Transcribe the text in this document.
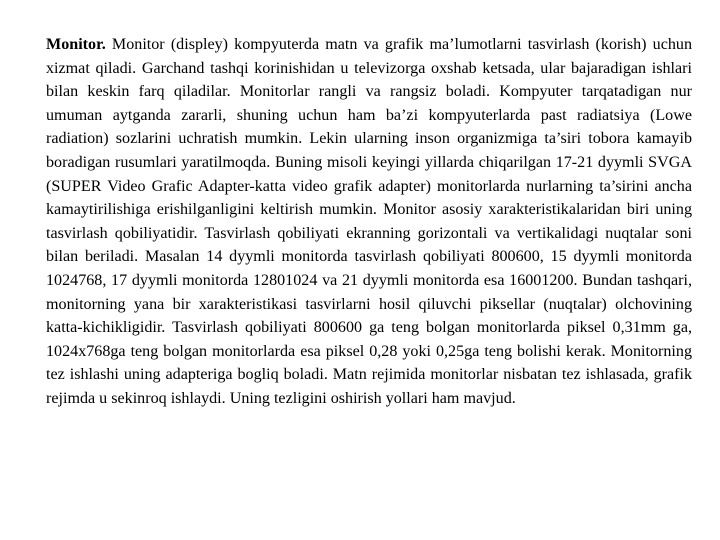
Monitor. Monitor (displey) kompyuterda matn va grafik ma’lumotlarni tasvirlash (korish) uchun xizmat qiladi. Garchand tashqi korinishidan u televizorga oxshab ketsada, ular bajaradigan ishlari bilan keskin farq qiladilar. Monitorlar rangli va rangsiz boladi. Kompyuter tarqatadigan nur umuman aytganda zararli, shuning uchun ham ba’zi kompyuterlarda past radiatsiya (Lowe radiation) sozlarini uchratish mumkin. Lekin ularning inson organizmiga ta’siri tobora kamayib boradigan rusumlari yaratilmoqda. Buning misoli keyingi yillarda chiqarilgan 17-21 dyymli SVGA (SUPER Video Grafic Adapter-katta video grafik adapter) monitorlarda nurlarning ta’sirini ancha kamaytirilishiga erishilganligini keltirish mumkin. Monitor asosiy xarakteristikalaridan biri uning tasvirlash qobiliyatidir. Tasvirlash qobiliyati ekranning gorizontali va vertikalidagi nuqtalar soni bilan beriladi. Masalan 14 dyymli monitorda tasvirlash qobiliyati 800600, 15 dyymli monitorda 1024768, 17 dyymli monitorda 12801024 va 21 dyymli monitorda esa 16001200. Bundan tashqari, monitorning yana bir xarakteristikasi tasvirlarni hosil qiluvchi piksellar (nuqtalar) olchovining katta-kichikligidir. Tasvirlash qobiliyati 800600 ga teng bolgan monitorlarda piksel 0,31mm ga, 1024x768ga teng bolgan monitorlarda esa piksel 0,28 yoki 0,25ga teng bolishi kerak. Monitorning tez ishlashi uning adapteriga bogliq boladi. Matn rejimida monitorlar nisbatan tez ishlasada, grafik rejimda u sekinroq ishlaydi. Uning tezligini oshirish yollari ham mavjud.
